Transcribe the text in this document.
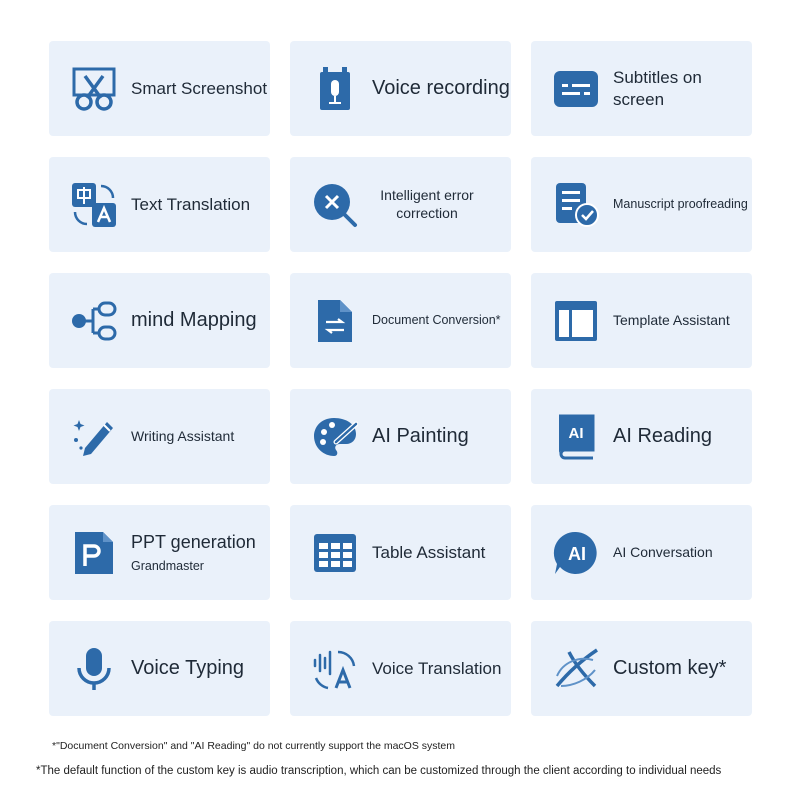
Smart Screenshot	Voice recording	Subtitles on screen
Text Translation	Intelligent error correction
Manuscript proofreading
mind Mapping	Document Conversion*	Template Assistant
Writing Assistant	AI Painting	AI AI Reading
PPT generation
Grandmaster
Table Assistant	AI AI Conversation
Voice Typing	Voice Translation	Custom key*
*"Document Conversion" and "AI Reading" do not currently support the macOS system
*The default function of the custom key is audio transcription, which can be customized through the client according to individual needs
